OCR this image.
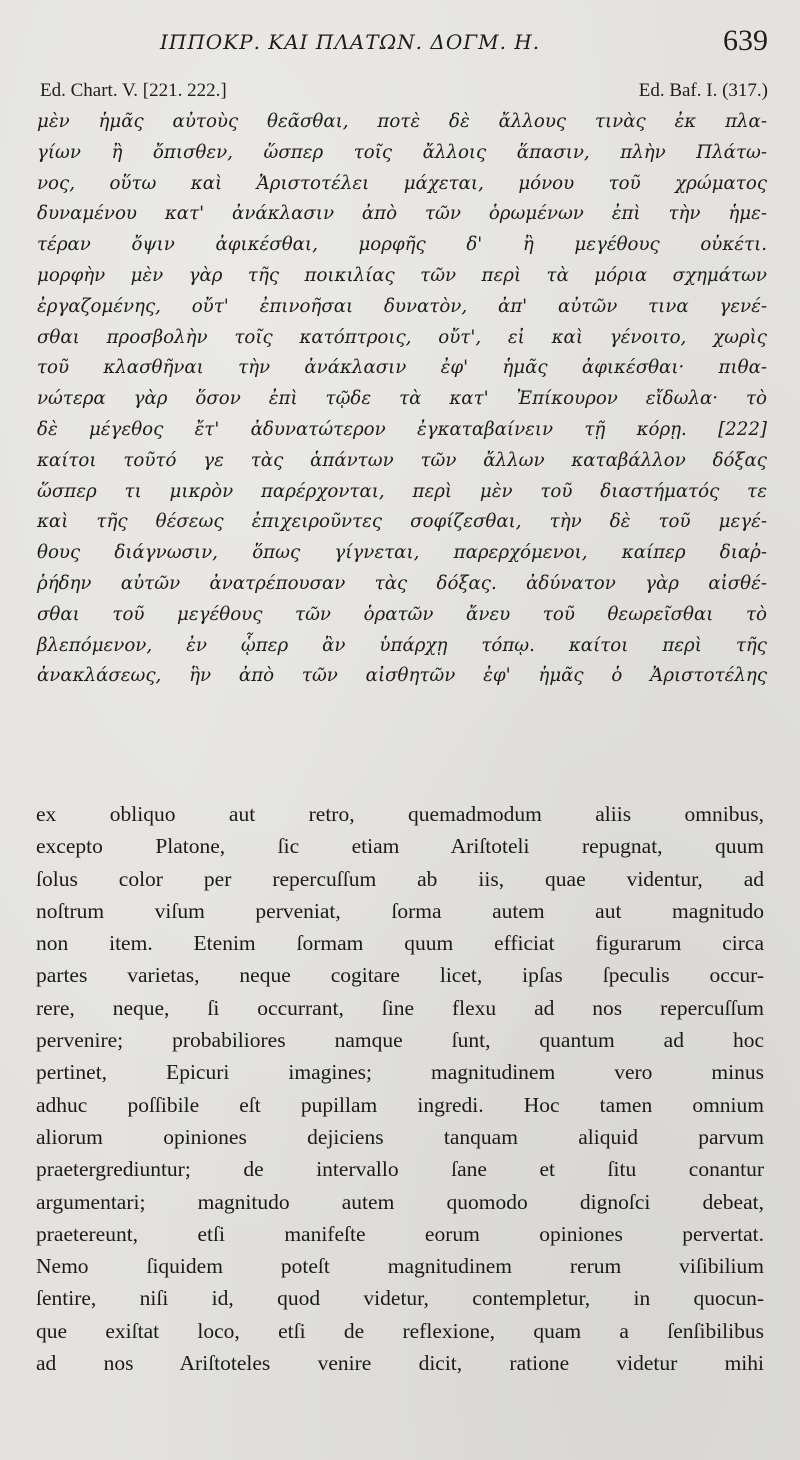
ΙΠΠΟΚΡ. ΚΑΙ ΠΛΑΤΩΝ. ΔΟΓΜ. Η.	639
Ed. Chart. V. [221. 222.]	Ed. Baf. I. (317.)
μὲν ἡμᾶς αὐτοὺς θεᾶσθαι, ποτὲ δὲ ἄλλους τινὰς ἐκ πλα-
γίων ἢ ὄπισθεν, ὥσπερ τοῖς ἄλλοις ἅπασιν, πλὴν Πλάτω-
νος, οὕτω καὶ Ἀριστοτέλει μάχεται, μόνου τοῦ χρώματος
δυναμένου κατ' ἀνάκλασιν ἀπὸ τῶν ὁρωμένων ἐπὶ τὴν ἡμε-
τέραν ὄψιν ἀφικέσθαι, μορφῆς δ' ἢ μεγέθους οὐκέτι.
μορφὴν μὲν γὰρ τῆς ποικιλίας τῶν περὶ τὰ μόρια σχημάτων
ἐργαζομένης, οὔτ' ἐπινοῆσαι δυνατὸν, ἀπ' αὐτῶν τινα γενέ-
σθαι προσβολὴν τοῖς κατόπτροις, οὔτ', εἰ καὶ γένοιτο, χωρὶς
τοῦ κλασθῆναι τὴν ἀνάκλασιν ἐφ' ἡμᾶς ἀφικέσθαι· πιθα-
νώτερα γὰρ ὅσον ἐπὶ τῷδε τὰ κατ' Ἐπίκουρον εἴδωλα· τὸ
δὲ μέγεθος ἔτ' ἀδυνατώτερον ἐγκαταβαίνειν τῇ κόρῃ. [222]
καίτοι τοῦτό γε τὰς ἁπάντων τῶν ἄλλων καταβάλλον δόξας
ὥσπερ τι μικρὸν παρέρχονται, περὶ μὲν τοῦ διαστήματός τε
καὶ τῆς θέσεως ἐπιχειροῦντες σοφίζεσθαι, τὴν δὲ τοῦ μεγέ-
θους διάγνωσιν, ὅπως γίγνεται, παρερχόμενοι, καίπερ διαῤ-
ῥήδην αὐτῶν ἀνατρέπουσαν τὰς δόξας. ἀδύνατον γὰρ αἰσθέ-
σθαι τοῦ μεγέθους τῶν ὁρατῶν ἄνευ τοῦ θεωρεῖσθαι τὸ
βλεπόμενον, ἐν ᾧπερ ἂν ὑπάρχῃ τόπῳ. καίτοι περὶ τῆς
ἀνακλάσεως, ἣν ἀπὸ τῶν αἰσθητῶν ἐφ' ἡμᾶς ὁ Ἀριστοτέλης
ex obliquo aut retro, quemadmodum aliis omnibus,
excepto Platone, ſic etiam Ariſtoteli repugnat, quum
ſolus color per repercuſſum ab iis, quae videntur, ad
noſtrum viſum perveniat, ſorma autem aut magnitudo
non item. Etenim ſormam quum efficiat figurarum circa
partes varietas, neque cogitare licet, ipſas ſpeculis occur-
rere, neque, ſi occurrant, ſine flexu ad nos repercuſſum
pervenire; probabiliores namque ſunt, quantum ad hoc
pertinet, Epicuri imagines; magnitudinem vero minus
adhuc poſſibile eſt pupillam ingredi. Hoc tamen omnium
aliorum opiniones dejiciens tanquam aliquid parvum
praetergrediuntur; de intervallo ſane et ſitu conantur
argumentari; magnitudo autem quomodo dignoſci debeat,
praetereunt, etſi manifeſte eorum opiniones pervertat.
Nemo ſiquidem poteſt magnitudinem rerum viſibilium
ſentire, niſi id, quod videtur, contempletur, in quocun-
que exiſtat loco, etſi de reflexione, quam a ſenſibilibus
ad nos Ariſtoteles venire dicit, ratione videtur mihi
